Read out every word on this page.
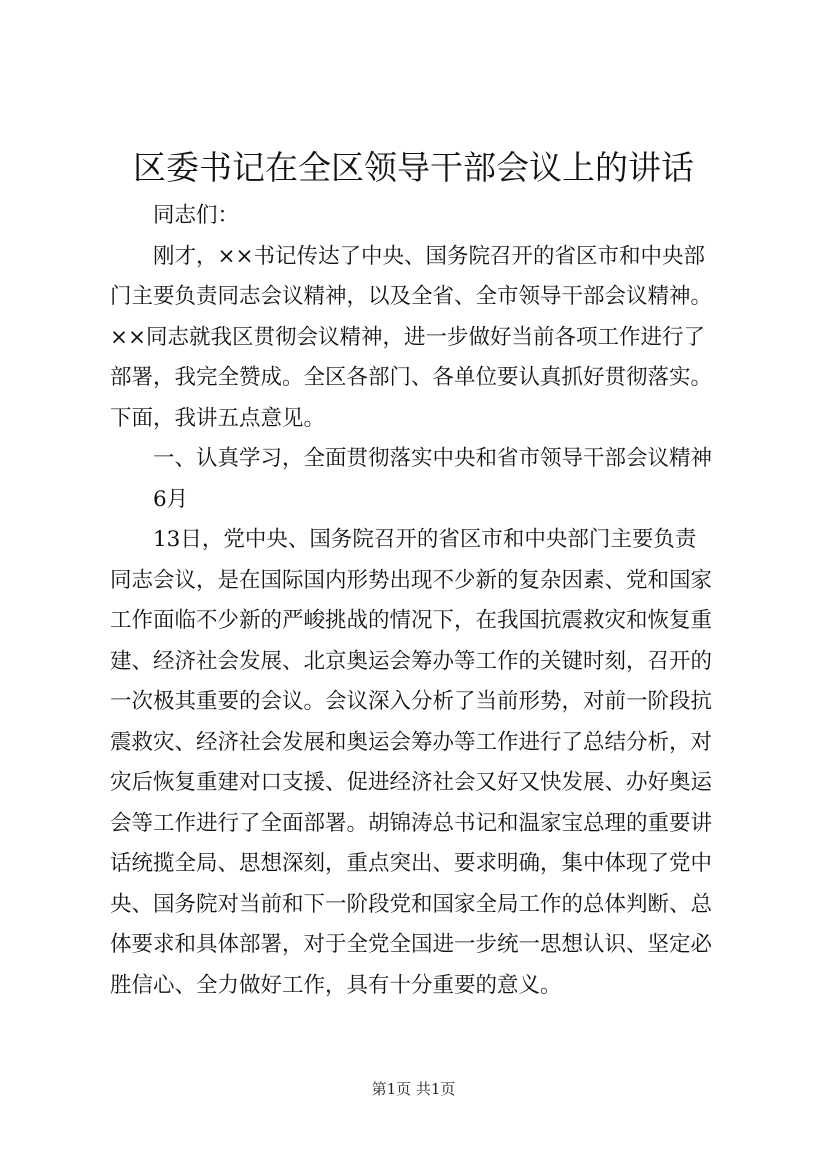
区委书记在全区领导干部会议上的讲话
同志们：
刚才，××书记传达了中央、国务院召开的省区市和中央部
门主要负责同志会议精神，以及全省、全市领导干部会议精神。
××同志就我区贯彻会议精神，进一步做好当前各项工作进行了
部署，我完全赞成。全区各部门、各单位要认真抓好贯彻落实。
下面，我讲五点意见。
一、认真学习，全面贯彻落实中央和省市领导干部会议精神
6月
13日，党中央、国务院召开的省区市和中央部门主要负责
同志会议，是在国际国内形势出现不少新的复杂因素、党和国家
工作面临不少新的严峻挑战的情况下，在我国抗震救灾和恢复重
建、经济社会发展、北京奥运会筹办等工作的关键时刻，召开的
一次极其重要的会议。会议深入分析了当前形势，对前一阶段抗
震救灾、经济社会发展和奥运会筹办等工作进行了总结分析，对
灾后恢复重建对口支援、促进经济社会又好又快发展、办好奥运
会等工作进行了全面部署。胡锦涛总书记和温家宝总理的重要讲
话统揽全局、思想深刻，重点突出、要求明确，集中体现了党中
央、国务院对当前和下一阶段党和国家全局工作的总体判断、总
体要求和具体部署，对于全党全国进一步统一思想认识、坚定必
胜信心、全力做好工作，具有十分重要的意义。
第1页 共1页
